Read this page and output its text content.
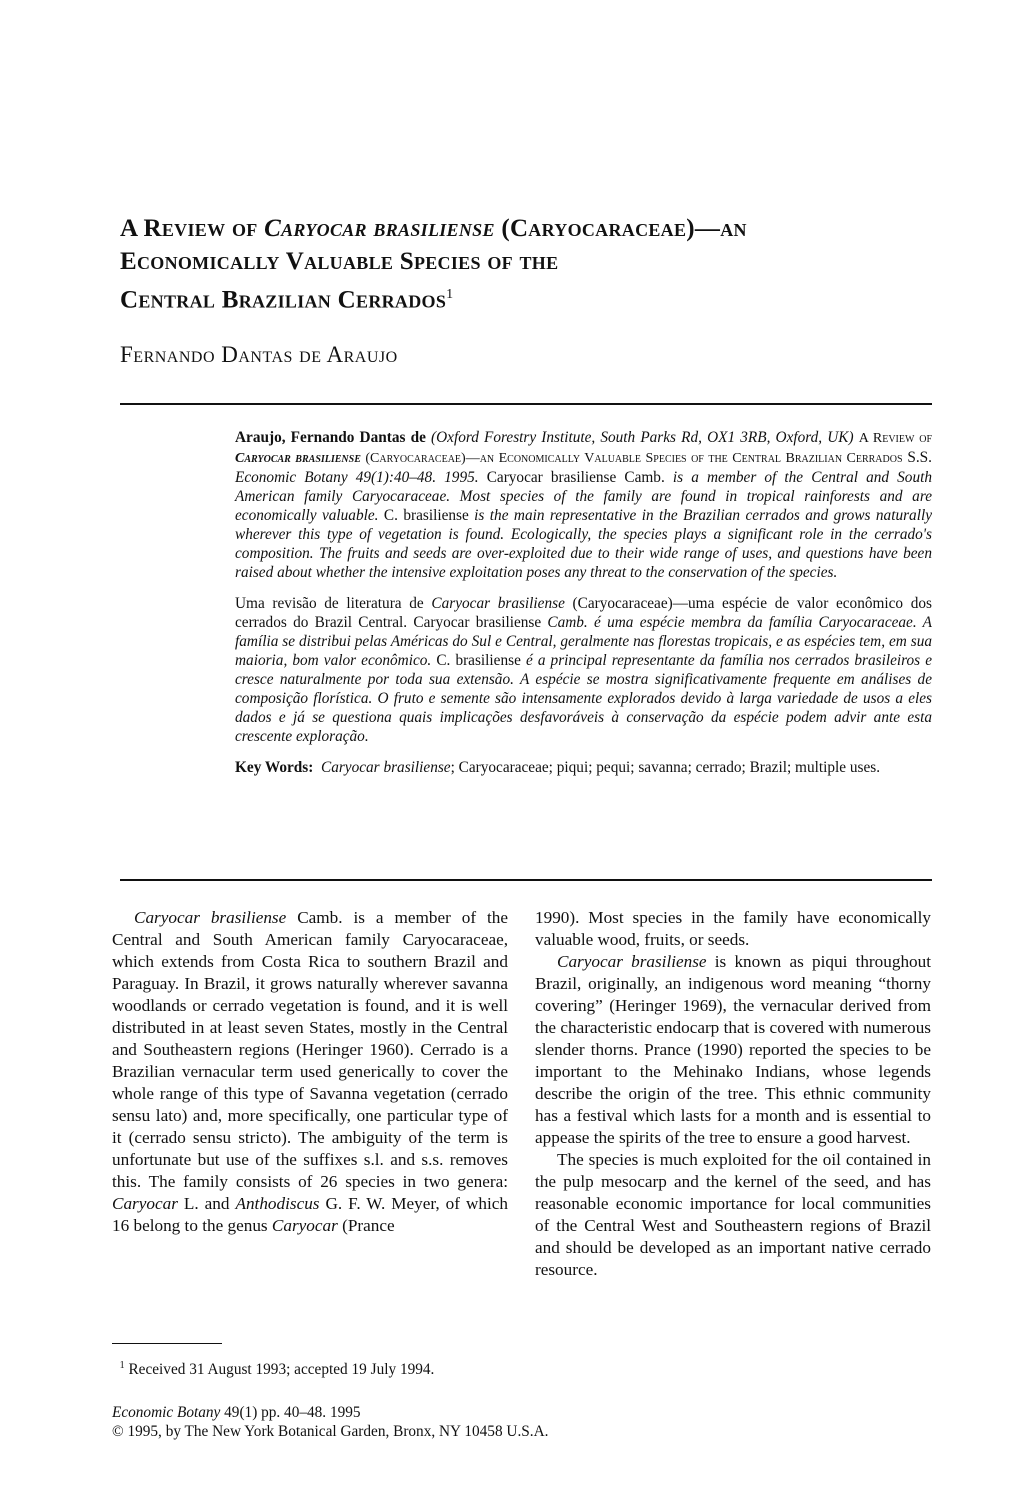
A Review of Caryocar brasiliense (Caryocaraceae)—an
Economically Valuable Species of the
Central Brazilian Cerrados$^1$
Fernando Dantas de Araujo

Araujo, Fernando Dantas de (Oxford Forestry Institute, South Parks Rd, OX1 3RB, Oxford, UK) A Review of Caryocar brasiliense (Caryocaraceae)—an Economically Valuable Species of the Central Brazilian Cerrados S.S. Economic Botany 49(1):40–48. 1995. Caryocar brasiliense Camb. is a member of the Central and South American family Caryocaraceae. Most species of the family are found in tropical rainforests and are economically valuable. C. brasiliense is the main representative in the Brazilian cerrados and grows naturally wherever this type of vegetation is found. Ecologically, the species plays a significant role in the cerrado's composition. The fruits and seeds are over-exploited due to their wide range of uses, and questions have been raised about whether the intensive exploitation poses any threat to the conservation of the species.

Uma revisão de literatura de Caryocar brasiliense (Caryocaraceae)—uma espécie de valor econômico dos cerrados do Brazil Central. Caryocar brasiliense Camb. é uma espécie membra da família Caryocaraceae. A família se distribui pelas Américas do Sul e Central, geralmente nas florestas tropicais, e as espécies tem, em sua maioria, bom valor econômico. C. brasiliense é a principal representante da família nos cerrados brasileiros e cresce naturalmente por toda sua extensão. A espécie se mostra significativamente frequente em análises de composição florística. O fruto e semente são intensamente explorados devido à larga variedade de usos a eles dados e já se questiona quais implicações desfavoráveis à conservação da espécie podem advir ante esta crescente exploração.

Key Words: Caryocar brasiliense; Caryocaraceae; piqui; pequi; savanna; cerrado; Brazil; multiple uses.

Caryocar brasiliense Camb. is a member of the Central and South American family Caryocaraceae, which extends from Costa Rica to southern Brazil and Paraguay. In Brazil, it grows naturally wherever savanna woodlands or cerrado vegetation is found, and it is well distributed in at least seven States, mostly in the Central and Southeastern regions (Heringer 1960). Cerrado is a Brazilian vernacular term used generically to cover the whole range of this type of Savanna vegetation (cerrado sensu lato) and, more specifically, one particular type of it (cerrado sensu stricto). The ambiguity of the term is unfortunate but use of the suffixes s.l. and s.s. removes this. The family consists of 26 species in two genera: Caryocar L. and Anthodiscus G. F. W. Meyer, of which 16 belong to the genus Caryocar (Prance

1990). Most species in the family have economically valuable wood, fruits, or seeds.

Caryocar brasiliense is known as piqui throughout Brazil, originally, an indigenous word meaning “thorny covering” (Heringer 1969), the vernacular derived from the characteristic endocarp that is covered with numerous slender thorns. Prance (1990) reported the species to be important to the Mehinako Indians, whose legends describe the origin of the tree. This ethnic community has a festival which lasts for a month and is essential to appease the spirits of the tree to ensure a good harvest.

The species is much exploited for the oil contained in the pulp mesocarp and the kernel of the seed, and has reasonable economic importance for local communities of the Central West and Southeastern regions of Brazil and should be developed as an important native cerrado resource.

$^1$ Received 31 August 1993; accepted 19 July 1994.
Economic Botany 49(1) pp. 40–48. 1995
© 1995, by The New York Botanical Garden, Bronx, NY 10458 U.S.A.
